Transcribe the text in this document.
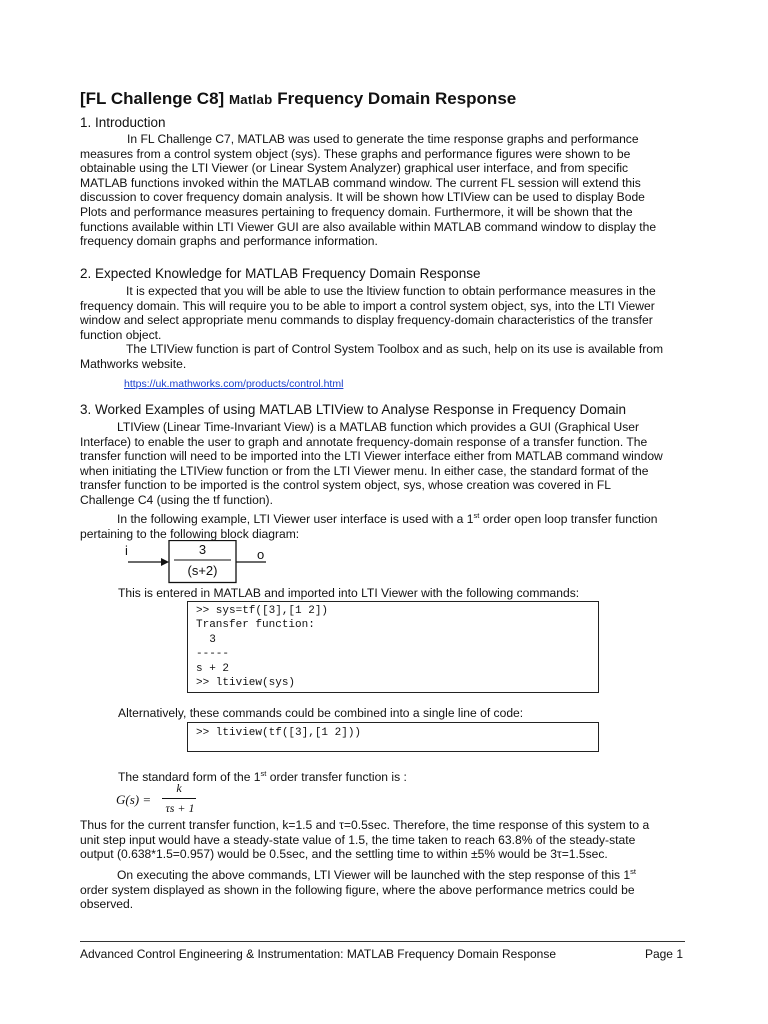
[FL Challenge C8] Matlab Frequency Domain Response
1. Introduction
In FL Challenge C7, MATLAB was used to generate the time response graphs and performance
measures from a control system object (sys). These graphs and performance figures were shown to be
obtainable using the LTI Viewer (or Linear System Analyzer) graphical user interface, and from specific
MATLAB functions invoked within the MATLAB command window. The current FL session will extend this
discussion to cover frequency domain analysis. It will be shown how LTIView can be used to display Bode
Plots and performance measures pertaining to frequency domain. Furthermore, it will be shown that the
functions available within LTI Viewer GUI are also available within MATLAB command window to display the
frequency domain graphs and performance information.
2. Expected Knowledge for MATLAB Frequency Domain Response
It is expected that you will be able to use the ltiview function to obtain performance measures in the
frequency domain. This will require you to be able to import a control system object, sys, into the LTI Viewer
window and select appropriate menu commands to display frequency-domain characteristics of the transfer
function object.
The LTIView function is part of Control System Toolbox and as such, help on its use is available from
Mathworks website.
https://uk.mathworks.com/products/control.html
3. Worked Examples of using MATLAB LTIView to Analyse Response in Frequency Domain
LTIView (Linear Time-Invariant View) is a MATLAB function which provides a GUI (Graphical User
Interface) to enable the user to graph and annotate frequency-domain response of a transfer function. The
transfer function will need to be imported into the LTI Viewer interface either from MATLAB command window
when initiating the LTIView function or from the LTI Viewer menu. In either case, the standard format of the
transfer function to be imported is the control system object, sys, whose creation was covered in FL
Challenge C4 (using the tf function).
In the following example, LTI Viewer user interface is used with a 1st order open loop transfer function
pertaining to the following block diagram:
i	3
(s+2)
o
This is entered in MATLAB and imported into LTI Viewer with the following commands:
>> sys=tf([3],[1 2])
Transfer function:
3
-----
s + 2
>> ltiview(sys)
Alternatively, these commands could be combined into a single line of code:
>> ltiview(tf([3],[1 2]))
The standard form of the 1st order transfer function is :
G(s) =
k
τs + 1
Thus for the current transfer function, k=1.5 and τ=0.5sec. Therefore, the time response of this system to a
unit step input would have a steady-state value of 1.5, the time taken to reach 63.8% of the steady-state
output (0.638*1.5=0.957) would be 0.5sec, and the settling time to within ±5% would be 3τ=1.5sec.
On executing the above commands, LTI Viewer will be launched with the step response of this 1st
order system displayed as shown in the following figure, where the above performance metrics could be
observed.
Advanced Control Engineering & Instrumentation: MATLAB Frequency Domain Response	Page 1
